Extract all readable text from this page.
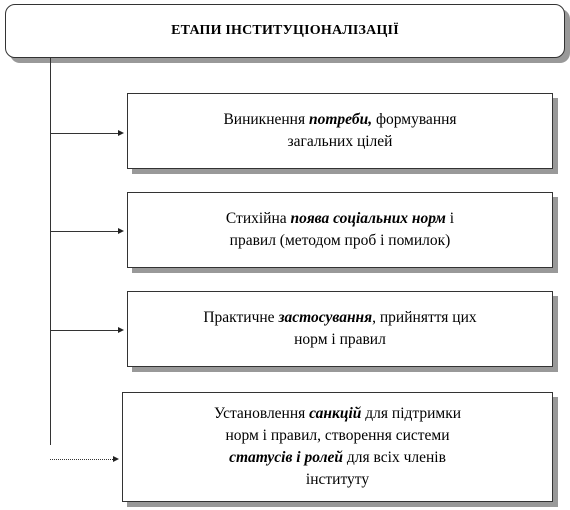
ЕТАПИ ІНСТИТУЦІОНАЛІЗАЦІЇ
Виникнення потреби, формування
загальних цілей
Стихійна поява соціальних норм і
правил (методом проб і помилок)
Практичне застосування, прийняття цих
норм і правил
Установлення санкцій для підтримки
норм і правил, створення системи
статусів і ролей для всіх членів
інституту
